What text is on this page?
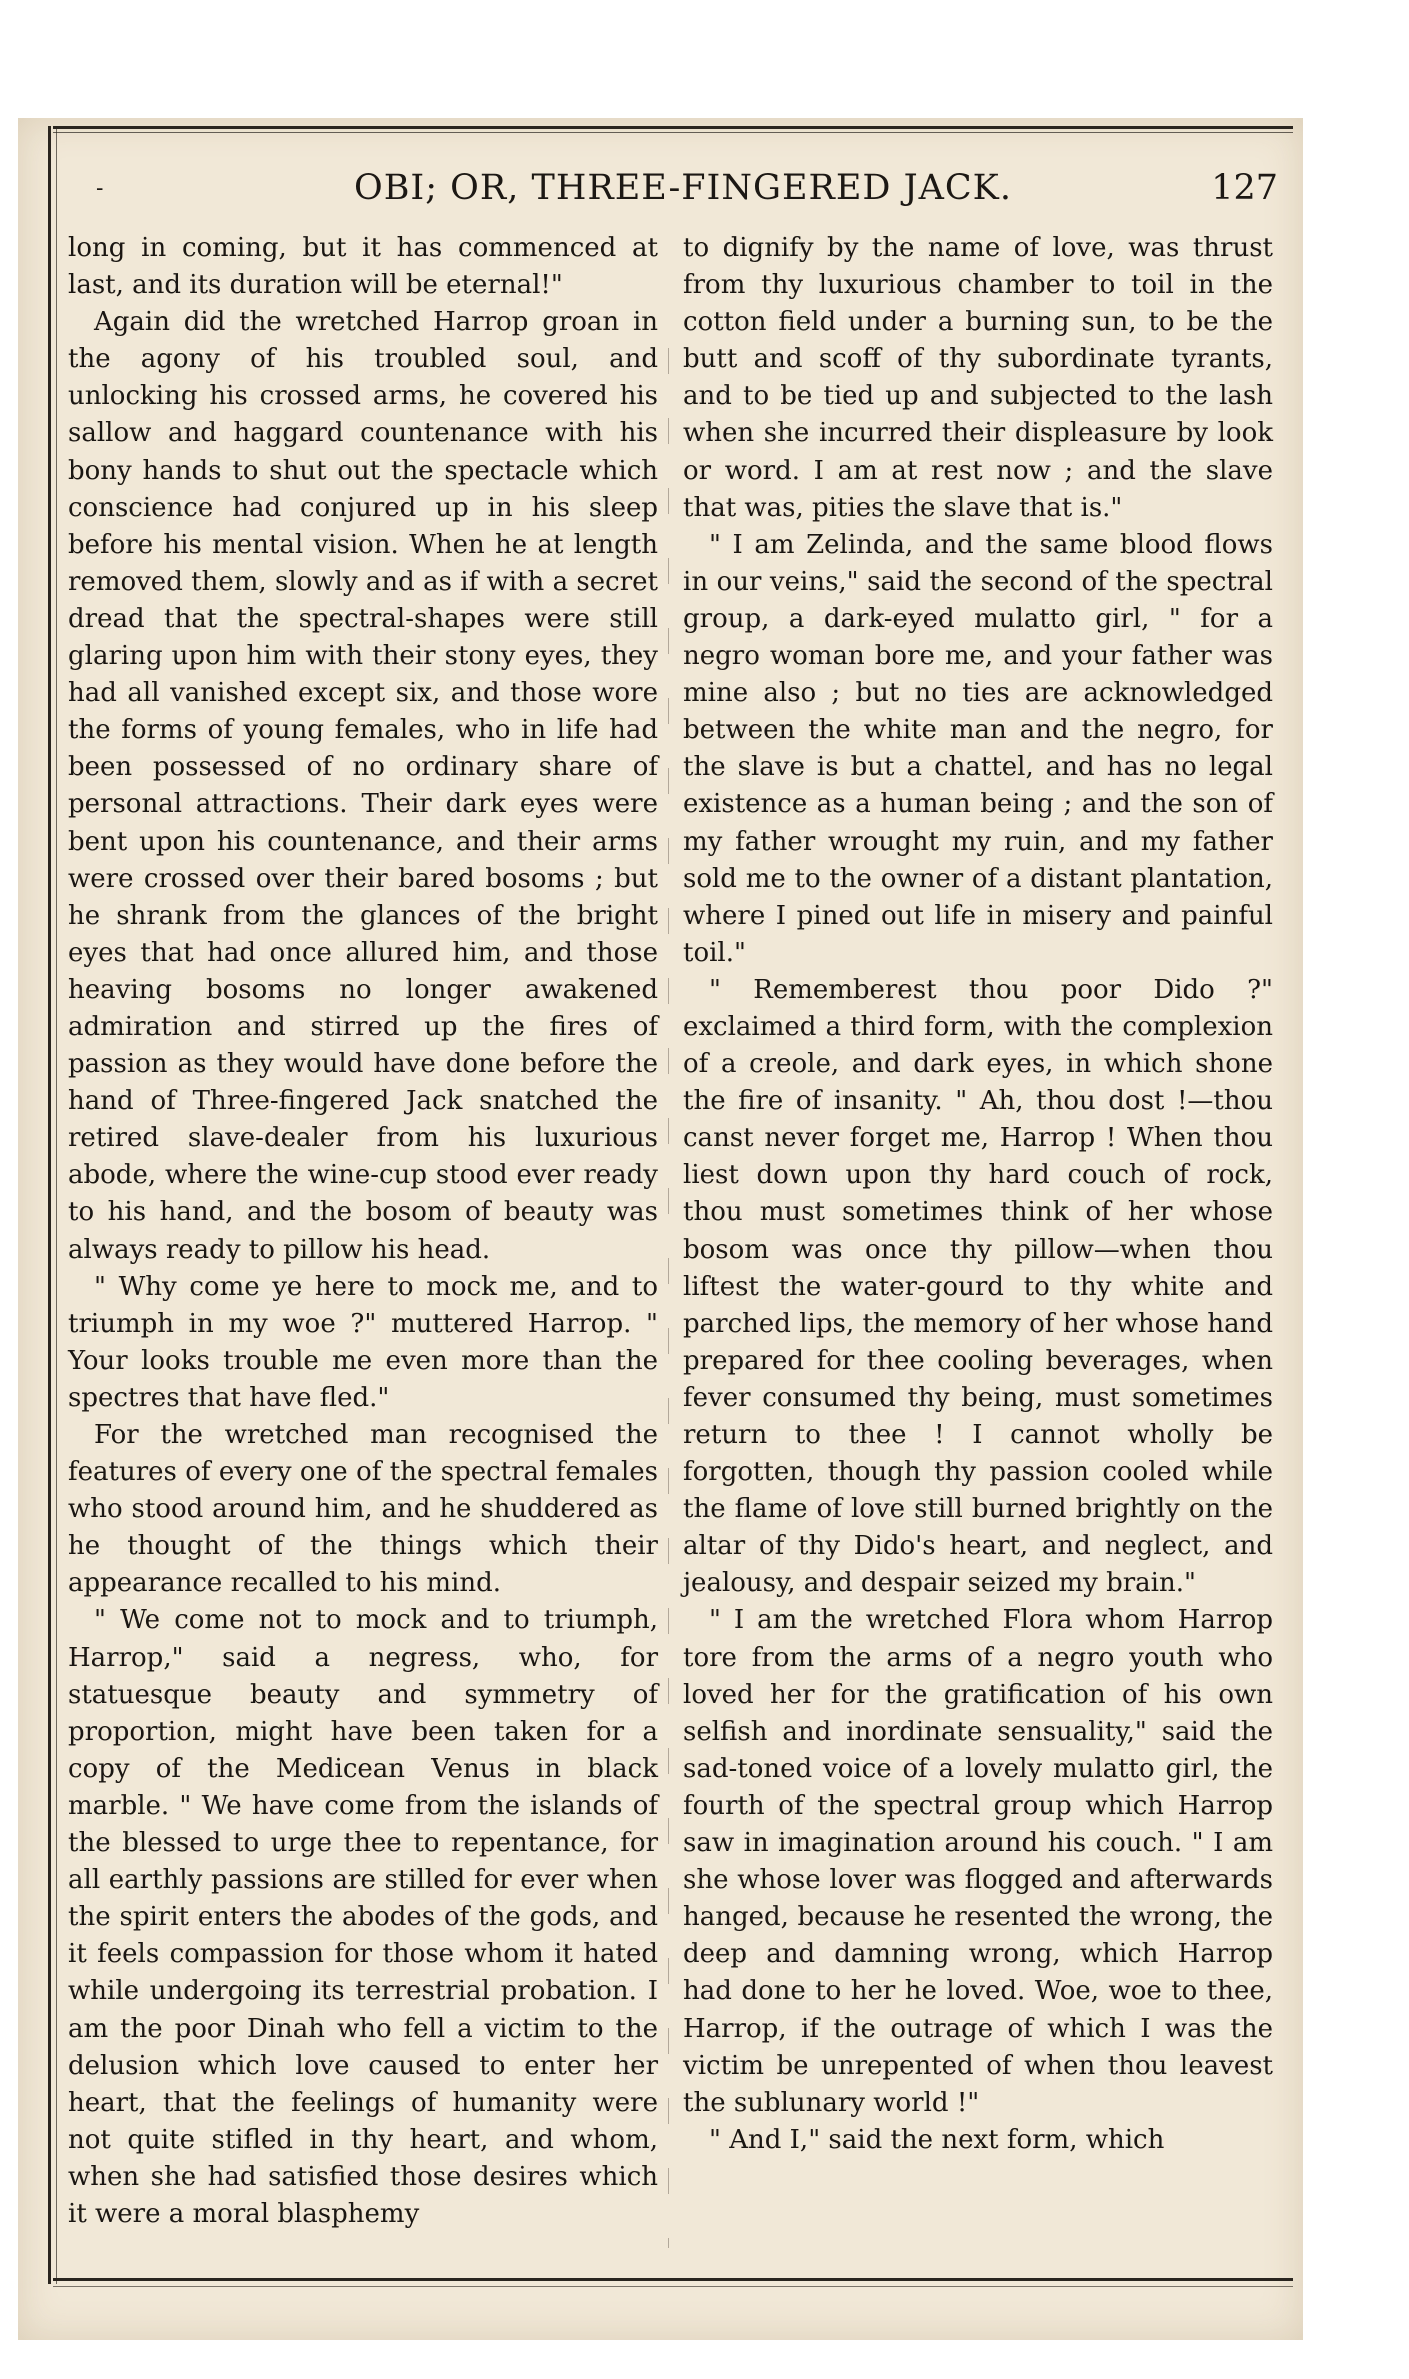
-	OBI; OR, THREE-FINGERED JACK.	127

long in coming, but it has commenced at last, and its duration will be eternal!"

Again did the wretched Harrop groan in the agony of his troubled soul, and unlocking his crossed arms, he covered his sallow and haggard countenance with his bony hands to shut out the spectacle which conscience had conjured up in his sleep before his mental vision. When he at length removed them, slowly and as if with a secret dread that the spectral-shapes were still glaring upon him with their stony eyes, they had all vanished except six, and those wore the forms of young females, who in life had been possessed of no ordinary share of personal attractions. Their dark eyes were bent upon his countenance, and their arms were crossed over their bared bosoms ; but he shrank from the glances of the bright eyes that had once allured him, and those heaving bosoms no longer awakened admiration and stirred up the fires of passion as they would have done before the hand of Three-fingered Jack snatched the retired slave-dealer from his luxurious abode, where the wine-cup stood ever ready to his hand, and the bosom of beauty was always ready to pillow his head.

" Why come ye here to mock me, and to triumph in my woe ?" muttered Harrop. " Your looks trouble me even more than the spectres that have fled."

For the wretched man recognised the features of every one of the spectral females who stood around him, and he shuddered as he thought of the things which their appearance recalled to his mind.

" We come not to mock and to triumph, Harrop," said a negress, who, for statuesque beauty and symmetry of proportion, might have been taken for a copy of the Medicean Venus in black marble. " We have come from the islands of the blessed to urge thee to repentance, for all earthly passions are stilled for ever when the spirit enters the abodes of the gods, and it feels compassion for those whom it hated while undergoing its terrestrial probation. I am the poor Dinah who fell a victim to the delusion which love caused to enter her heart, that the feelings of humanity were not quite stifled in thy heart, and whom, when she had satisfied those desires which it were a moral blasphemy

to dignify by the name of love, was thrust from thy luxurious chamber to toil in the cotton field under a burning sun, to be the butt and scoff of thy subordinate tyrants, and to be tied up and subjected to the lash when she incurred their displeasure by look or word. I am at rest now ; and the slave that was, pities the slave that is."

" I am Zelinda, and the same blood flows in our veins," said the second of the spectral group, a dark-eyed mulatto girl, " for a negro woman bore me, and your father was mine also ; but no ties are acknowledged between the white man and the negro, for the slave is but a chattel, and has no legal existence as a human being ; and the son of my father wrought my ruin, and my father sold me to the owner of a distant plantation, where I pined out life in misery and painful toil."

" Rememberest thou poor Dido ?" exclaimed a third form, with the complexion of a creole, and dark eyes, in which shone the fire of insanity. " Ah, thou dost !—thou canst never forget me, Harrop ! When thou liest down upon thy hard couch of rock, thou must sometimes think of her whose bosom was once thy pillow—when thou liftest the water-gourd to thy white and parched lips, the memory of her whose hand prepared for thee cooling beverages, when fever consumed thy being, must sometimes return to thee ! I cannot wholly be forgotten, though thy passion cooled while the flame of love still burned brightly on the altar of thy Dido's heart, and neglect, and jealousy, and despair seized my brain."

" I am the wretched Flora whom Harrop tore from the arms of a negro youth who loved her for the gratification of his own selfish and inordinate sensuality," said the sad-toned voice of a lovely mulatto girl, the fourth of the spectral group which Harrop saw in imagination around his couch. " I am she whose lover was flogged and afterwards hanged, because he resented the wrong, the deep and damning wrong, which Harrop had done to her he loved. Woe, woe to thee, Harrop, if the outrage of which I was the victim be unrepented of when thou leavest the sublunary world !"

" And I," said the next form, which
